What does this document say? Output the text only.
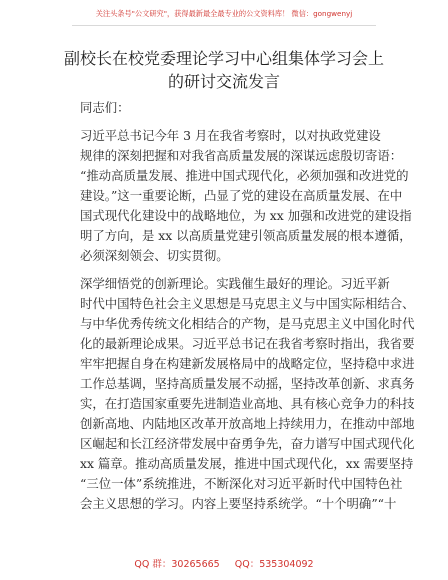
关注头条号"公文研究"，获得最新最全最专业的公文资料库！ 微信：gongwenyj
副校长在校党委理论学习中心组集体学习会上
的研讨交流发言
同志们：
习近平总书记今年 3 月在我省考察时，以对执政党建设
规律的深刻把握和对我省高质量发展的深谋远虑殷切寄语：
“推动高质量发展、推进中国式现代化，必须加强和改进党的
建设。”这一重要论断，凸显了党的建设在高质量发展、在中
国式现代化建设中的战略地位，为 xx 加强和改进党的建设指
明了方向，是 xx 以高质量党建引领高质量发展的根本遵循，
必须深刻领会、切实贯彻。
深学细悟党的创新理论。实践催生最好的理论。习近平新
时代中国特色社会主义思想是马克思主义与中国实际相结合、
与中华优秀传统文化相结合的产物，是马克思主义中国化时代
化的最新理论成果。习近平总书记在我省考察时指出，我省要
牢牢把握自身在构建新发展格局中的战略定位，坚持稳中求进
工作总基调，坚持高质量发展不动摇，坚持改革创新、求真务
实，在打造国家重要先进制造业高地、具有核心竞争力的科技
创新高地、内陆地区改革开放高地上持续用力，在推动中部地
区崛起和长江经济带发展中奋勇争先，奋力谱写中国式现代化
xx 篇章。推动高质量发展，推进中国式现代化，xx 需要坚持
“三位一体”系统推进，不断深化对习近平新时代中国特色社
会主义思想的学习。内容上要坚持系统学。“十个明确”“十
QQ 群：30265665 QQ：535304092
